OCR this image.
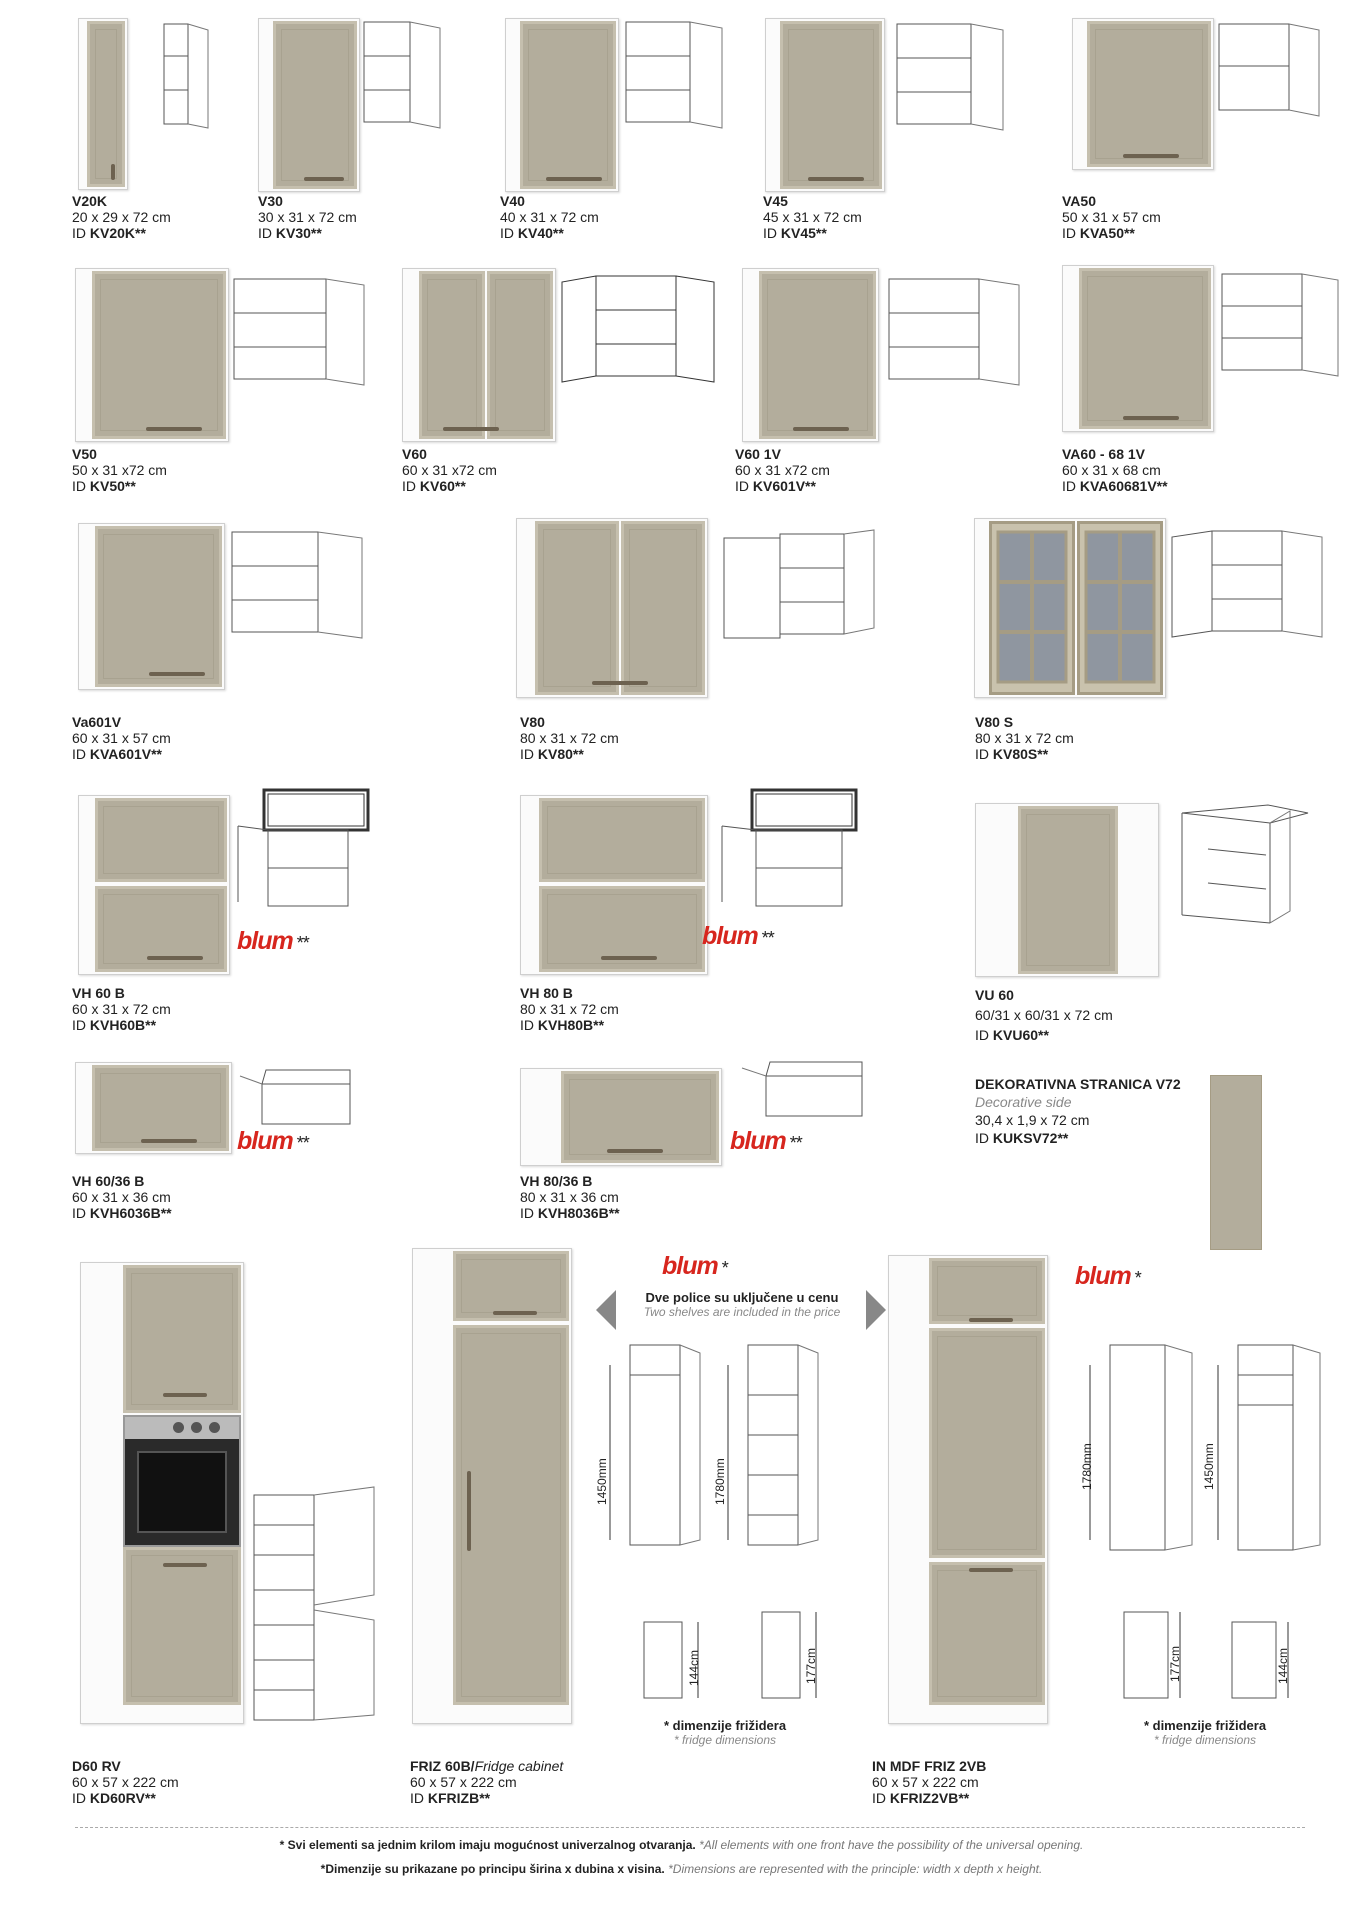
V20K
20 x 29 x 72 cm
ID KV20K**
V30
30 x 31 x 72 cm
ID KV30**
V40
40 x 31 x 72 cm
ID KV40**
V45
45 x 31 x 72 cm
ID KV45**
VA50
50 x 31 x 57 cm
ID KVA50**
V50
50 x 31 x72 cm
ID KV50**
V60
60 x 31 x72 cm
ID KV60**
V60 1V
60 x 31 x72 cm
ID KV601V**
VA60 - 68 1V
60 x 31 x 68 cm
ID KVA60681V**
Va601V
60 x 31 x 57 cm
ID KVA601V**
V80
80 x 31 x 72 cm
ID KV80**
V80 S
80 x 31 x 72 cm
ID KV80S**
blum **
VH 60 B
60 x 31 x 72 cm
ID KVH60B**
blum **
VH 80 B
80 x 31 x 72 cm
ID KVH80B**
VU 60
60/31 x 60/31 x 72 cm
ID KVU60**
blum **
VH 60/36 B
60 x 31 x 36 cm
ID KVH6036B**
blum **
VH 80/36 B
80 x 31 x 36 cm
ID KVH8036B**
DEKORATIVNA STRANICA V72
Decorative side
30,4 x 1,9 x 72 cm
ID KUKSV72**
D60 RV
60 x 57 x 222 cm
ID KD60RV**
FRIZ 60B/Fridge cabinet
60 x 57 x 222 cm
ID KFRIZB**
blum *
Dve police su uključene u cenu
Two shelves are included in the price
1450mm	1780mm
144cm	177cm
* dimenzije frižidera
* fridge dimensions
IN MDF FRIZ 2VB
60 x 57 x 222 cm
ID KFRIZ2VB**
blum *
1780mm	1450mm
177cm	144cm
* dimenzije frižidera
* fridge dimensions
* Svi elementi sa jednim krilom imaju mogućnost univerzalnog otvaranja. *All elements with one front have the possibility of the universal opening.
*Dimenzije su prikazane po principu širina x dubina x visina. *Dimensions are represented with the principle: width x depth x height.
